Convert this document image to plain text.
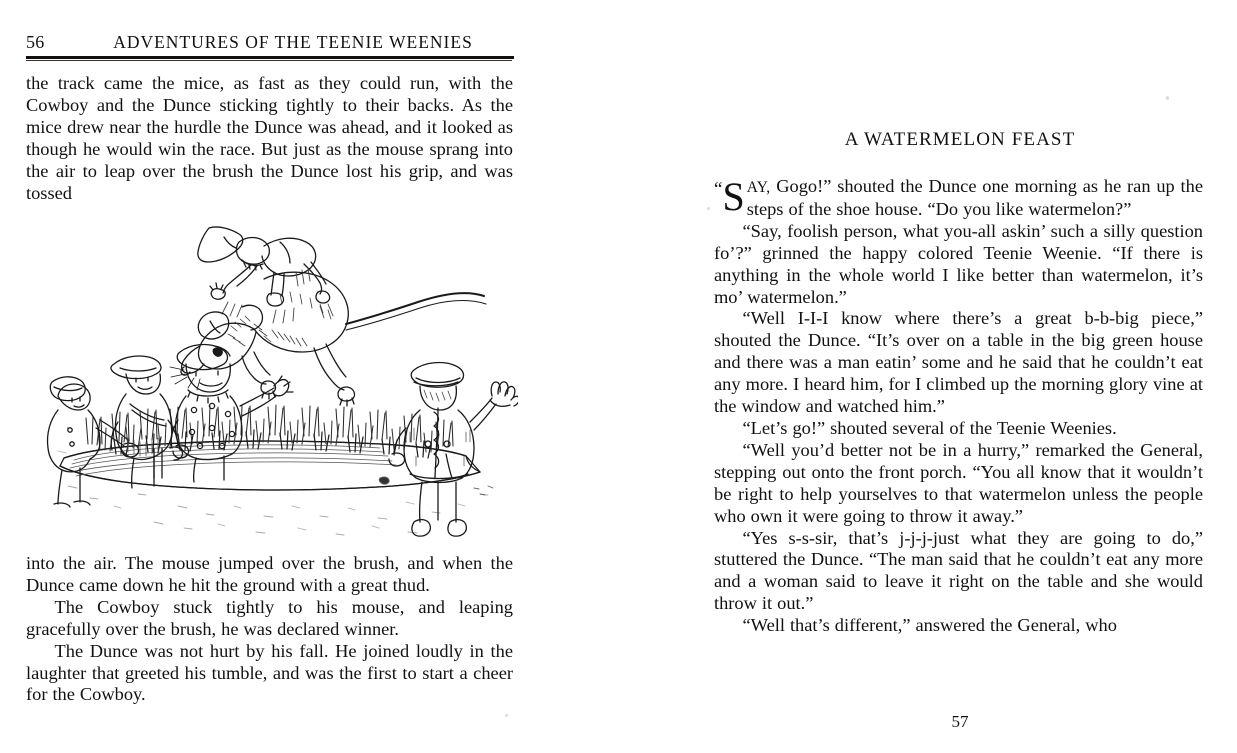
56	ADVENTURES OF THE TEENIE WEENIES

the track came the mice, as fast as they could run, with the Cowboy and the Dunce sticking tightly to their backs. As the mice drew near the hurdle the Dunce was ahead, and it looked as though he would win the race. But just as the mouse sprang into the air to leap over the brush the Dunce lost his grip, and was tossed

into the air. The mouse jumped over the brush, and when the Dunce came down he hit the ground with a great thud.

The Cowboy stuck tightly to his mouse, and leaping gracefully over the brush, he was declared winner.

The Dunce was not hurt by his fall. He joined loudly in the laughter that greeted his tumble, and was the first to start a cheer for the Cowboy.

A WATERMELON FEAST

“ S AY, Gogo!” shouted the Dunce one morning as he ran up the steps of the shoe house. “Do you like watermelon?”

“Say, foolish person, what you-all askin’ such a silly question fo’?” grinned the happy colored Teenie Weenie. “If there is anything in the whole world I like better than watermelon, it’s mo’ watermelon.”

“Well I-I-I know where there’s a great b-b-big piece,” shouted the Dunce. “It’s over on a table in the big green house and there was a man eatin’ some and he said that he couldn’t eat any more. I heard him, for I climbed up the morning glory vine at the window and watched him.”

“Let’s go!” shouted several of the Teenie Weenies.

“Well you’d better not be in a hurry,” remarked the General, stepping out onto the front porch. “You all know that it wouldn’t be right to help yourselves to that watermelon unless the people who own it were going to throw it away.”

“Yes s-s-sir, that’s j-j-j-just what they are going to do,” stuttered the Dunce. “The man said that he couldn’t eat any more and a woman said to leave it right on the table and she would throw it out.”

“Well that’s different,” answered the General, who

57
